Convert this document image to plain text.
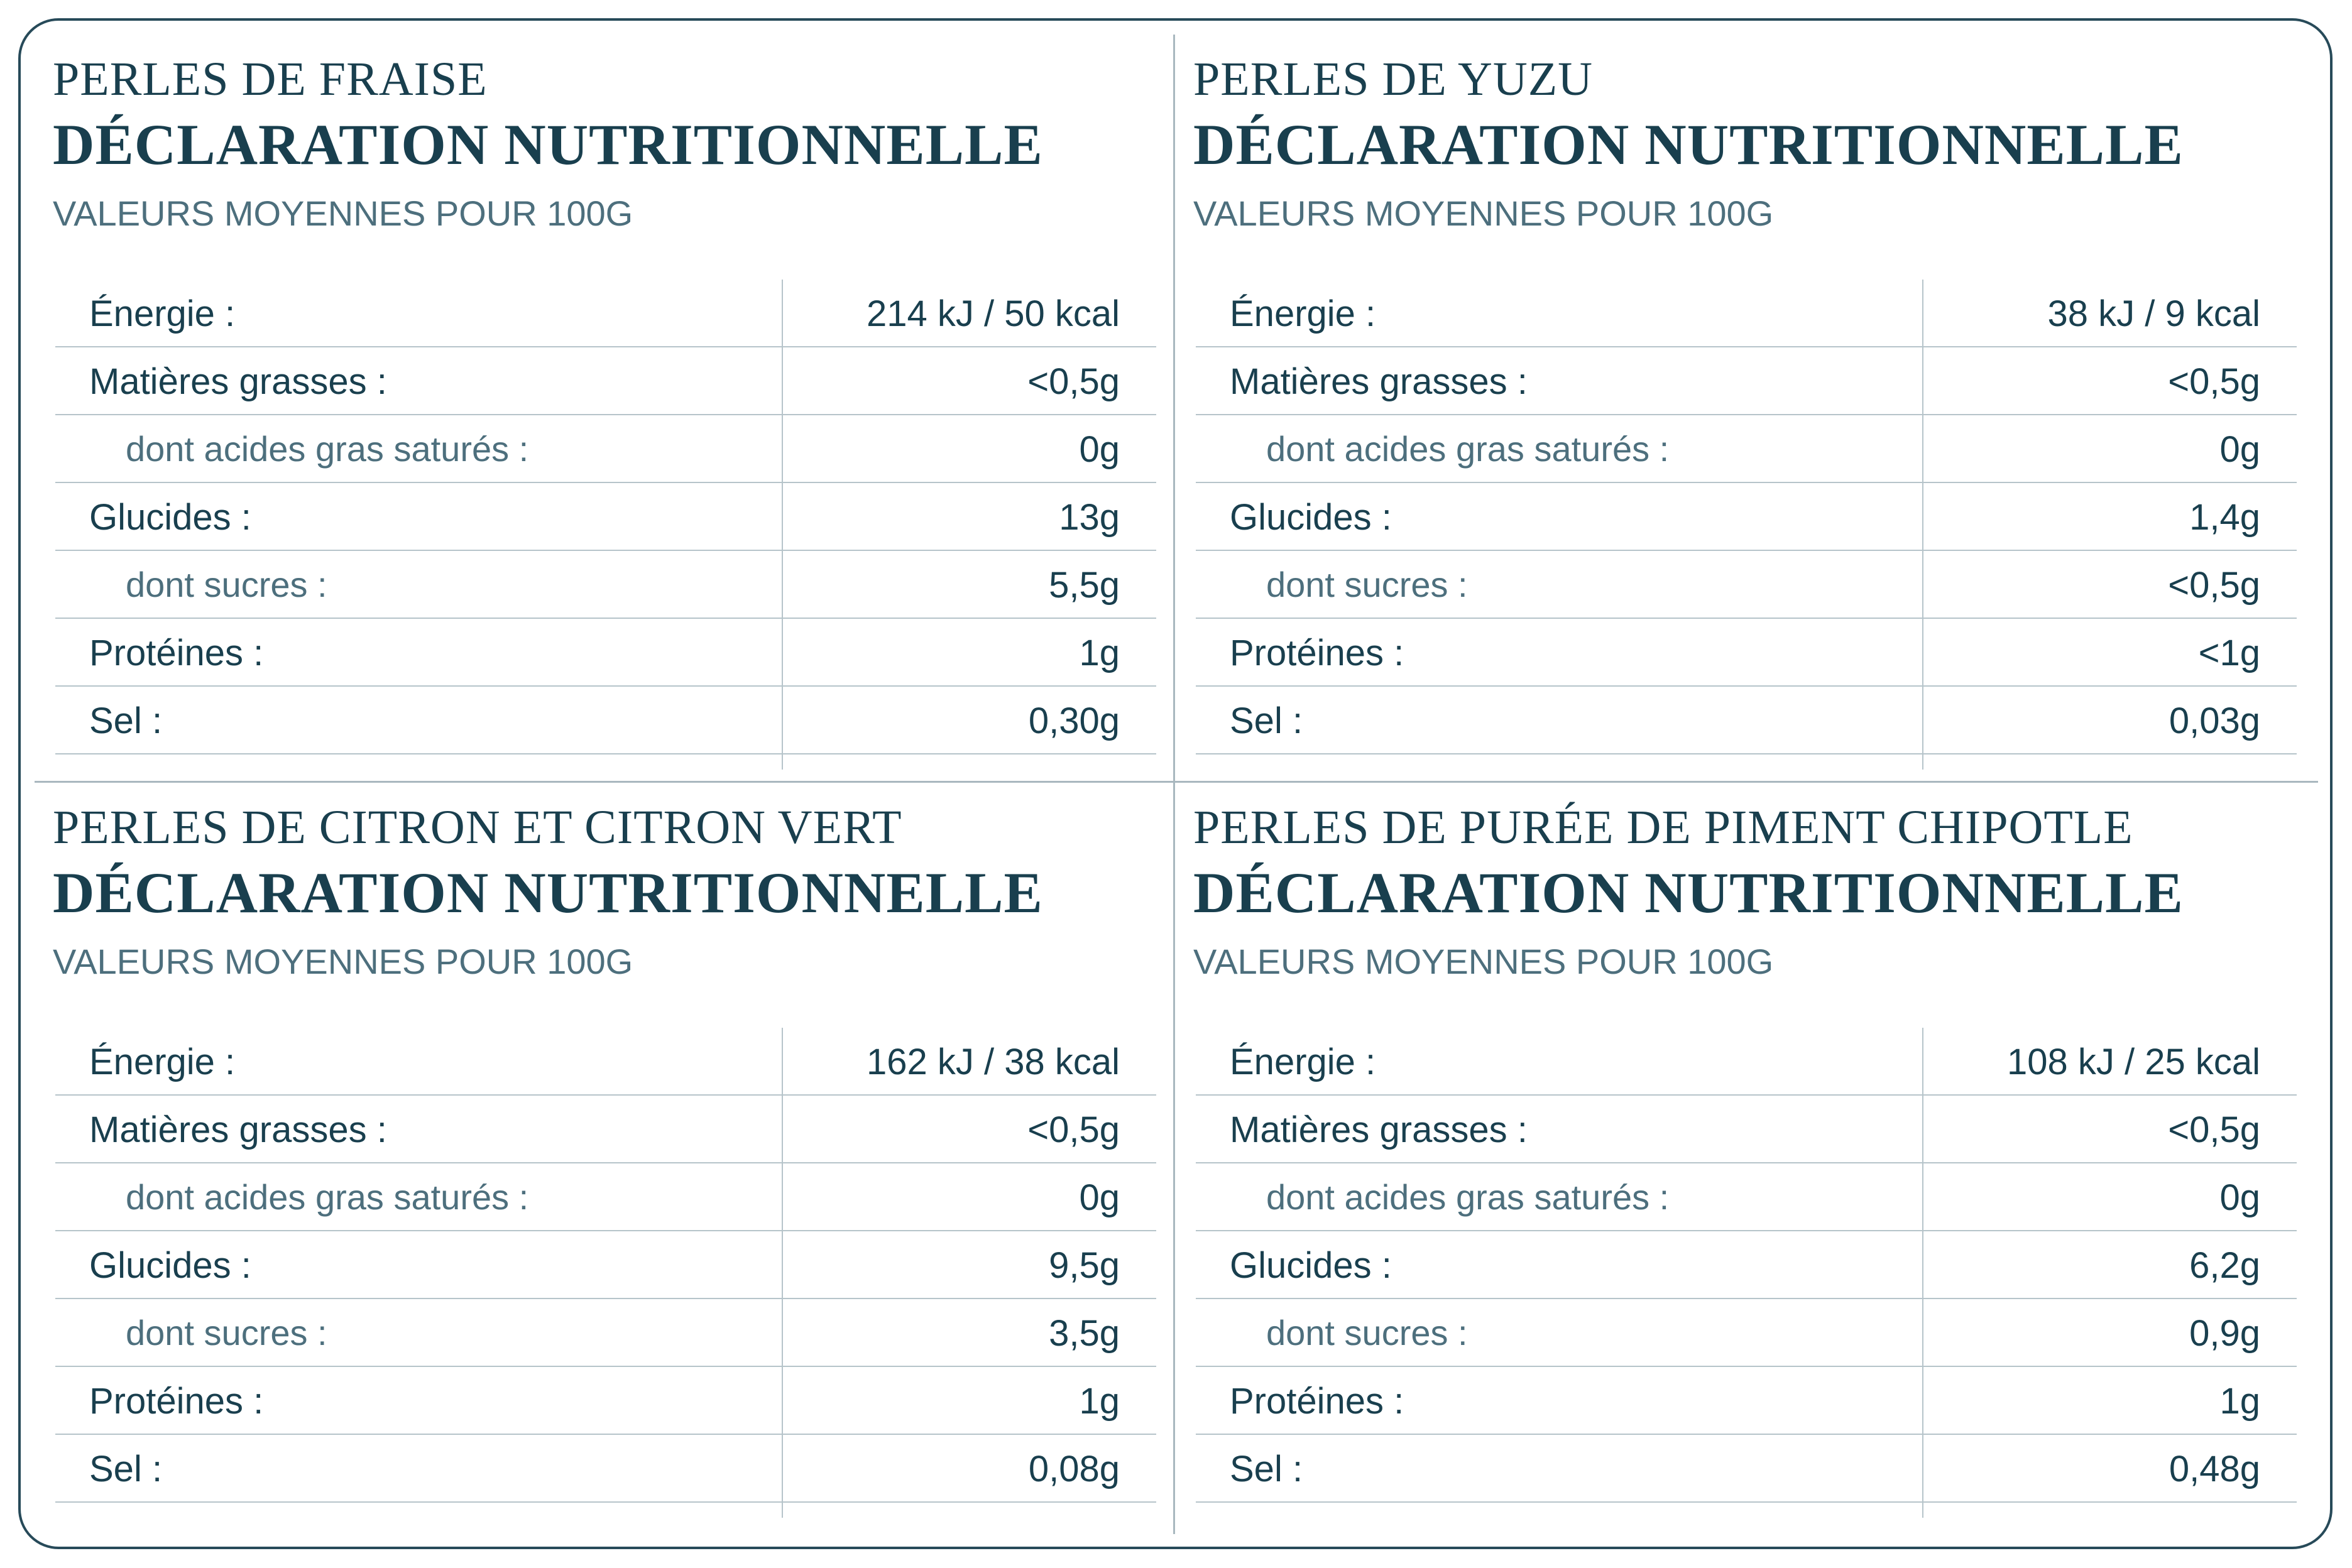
PERLES DE FRAISE
DÉCLARATION NUTRITIONNELLE
VALEURS MOYENNES POUR 100G
Énergie :	214 kJ / 50 kcal
Matières grasses :	<0,5g
dont acides gras saturés :	0g
Glucides :	13g
dont sucres :	5,5g
Protéines :	1g
Sel :	0,30g
PERLES DE YUZU
DÉCLARATION NUTRITIONNELLE
VALEURS MOYENNES POUR 100G
Énergie :	38 kJ / 9 kcal
Matières grasses :	<0,5g
dont acides gras saturés :	0g
Glucides :	1,4g
dont sucres :	<0,5g
Protéines :	<1g
Sel :	0,03g
PERLES DE CITRON ET CITRON VERT
DÉCLARATION NUTRITIONNELLE
VALEURS MOYENNES POUR 100G
Énergie :	162 kJ / 38 kcal
Matières grasses :	<0,5g
dont acides gras saturés :	0g
Glucides :	9,5g
dont sucres :	3,5g
Protéines :	1g
Sel :	0,08g
PERLES DE PURÉE DE PIMENT CHIPOTLE
DÉCLARATION NUTRITIONNELLE
VALEURS MOYENNES POUR 100G
Énergie :	108 kJ / 25 kcal
Matières grasses :	<0,5g
dont acides gras saturés :	0g
Glucides :	6,2g
dont sucres :	0,9g
Protéines :	1g
Sel :	0,48g
